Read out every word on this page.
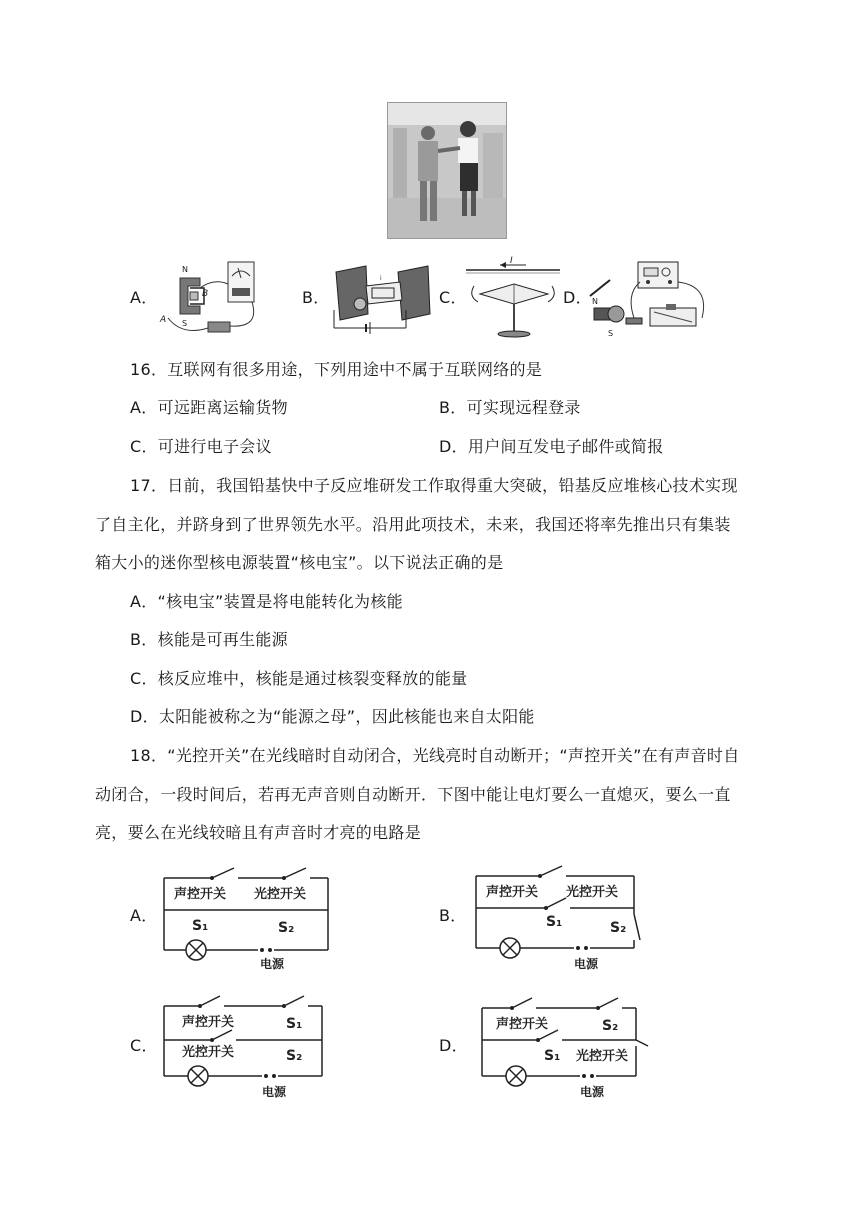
A．
N
B
S
A
B．
i
C．
I
D． N
S
16．互联网有很多用途，下列用途中不属于互联网络的是
A．可远距离运输货物	B．可实现远程登录
C．可进行电子会议	D．用户间互发电子邮件或简报
17．日前，我国铅基快中子反应堆研发工作取得重大突破，铅基反应堆核心技术实现
了自主化，并跻身到了世界领先水平。沿用此项技术，未来，我国还将率先推出只有集装
箱大小的迷你型核电源装置“核电宝”。以下说法正确的是
A．“核电宝”装置是将电能转化为核能
B．核能是可再生能源
C．核反应堆中，核能是通过核裂变释放的能量
D．太阳能被称之为“能源之母”，因此核能也来自太阳能
18．“光控开关”在光线暗时自动闭合，光线亮时自动断开；“声控开关”在有声音时自
动闭合，一段时间后，若再无声音则自动断开．下图中能让电灯要么一直熄灭，要么一直
亮，要么在光线较暗且有声音时才亮的电路是
A．
声控开关 光控开关
S₁	S₂
电源
B．
声控开关 光控开关
S₁	S₂
电源
C．
声控开关	S₁
光控开关	S₂
电源
D．
声控开关	S₂
S₁ 光控开关
电源
